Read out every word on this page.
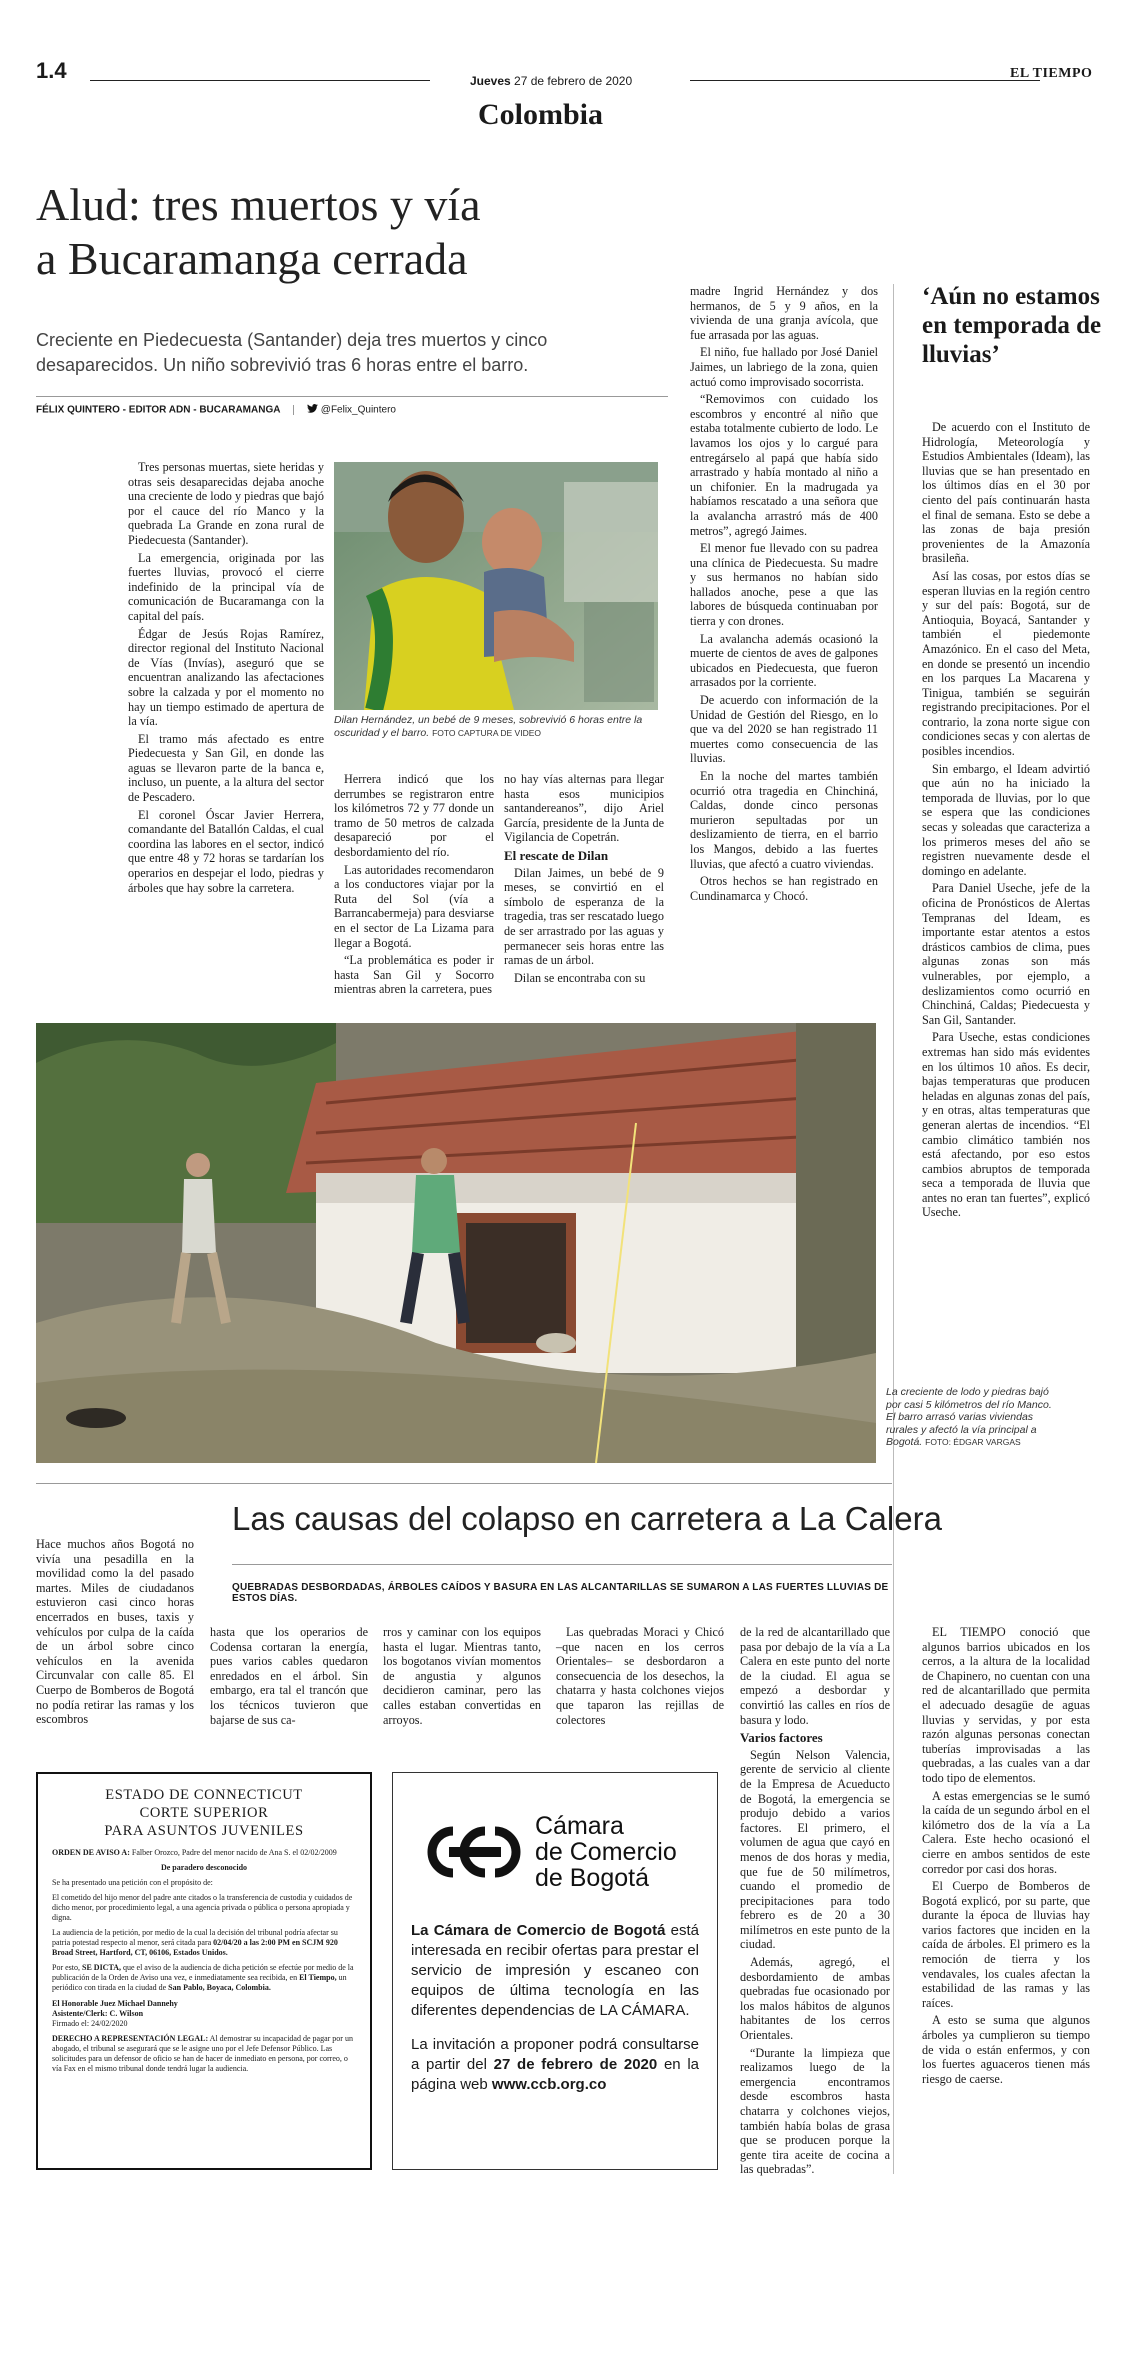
1.4	Jueves 27 de febrero de 2020	EL TIEMPO
Colombia
Alud: tres muertos y vía
a Bucaramanga cerrada
Creciente en Piedecuesta (Santander) deja tres muertos y cinco desaparecidos. Un niño sobrevivió tras 6 horas entre el barro.
FÉLIX QUINTERO - EDITOR ADN - BUCARAMANGA	@Felix_Quintero
Dilan Hernández, un bebé de 9 meses, sobrevivió 6 horas entre la oscuridad y el barro. FOTO CAPTURA DE VIDEO

Tres personas muertas, siete heridas y otras seis desaparecidas dejaba anoche una creciente de lodo y piedras que bajó por el cauce del río Manco y la quebrada La Grande en zona rural de Piedecuesta (Santander).

La emergencia, originada por las fuertes lluvias, provocó el cierre indefinido de la principal vía de comunicación de Bucaramanga con la capital del país.

Édgar de Jesús Rojas Ramírez, director regional del Instituto Nacional de Vías (Invías), aseguró que se encuentran analizando las afectaciones sobre la calzada y por el momento no hay un tiempo estimado de apertura de la vía.

El tramo más afectado es entre Piedecuesta y San Gil, en donde las aguas se llevaron parte de la banca e, incluso, un puente, a la altura del sector de Pescadero.

El coronel Óscar Javier Herrera, comandante del Batallón Caldas, el cual coordina las labores en el sector, indicó que entre 48 y 72 horas se tardarían los operarios en despejar el lodo, piedras y árboles que hay sobre la carretera.

Herrera indicó que los derrumbes se registraron entre los kilómetros 72 y 77 donde un tramo de 50 metros de calzada desapareció por el desbordamiento del río.

Las autoridades recomendaron a los conductores viajar por la Ruta del Sol (vía a Barrancabermeja) para desviarse en el sector de La Lizama para llegar a Bogotá.

“La problemática es poder ir hasta San Gil y Socorro mientras abren la carretera, pues

no hay vías alternas para llegar hasta esos municipios santandereanos”, dijo Ariel García, presidente de la Junta de Vigilancia de Copetrán.

El rescate de Dilan

Dilan Jaimes, un bebé de 9 meses, se convirtió en el símbolo de esperanza de la tragedia, tras ser rescatado luego de ser arrastrado por las aguas y permanecer seis horas entre las ramas de un árbol.

Dilan se encontraba con su

madre Ingrid Hernández y dos hermanos, de 5 y 9 años, en la vivienda de una granja avícola, que fue arrasada por las aguas.

El niño, fue hallado por José Daniel Jaimes, un labriego de la zona, quien actuó como improvisado socorrista.

“Removimos con cuidado los escombros y encontré al niño que estaba totalmente cubierto de lodo. Le lavamos los ojos y lo cargué para entregárselo al papá que había sido arrastrado y había montado al niño a un chifonier. En la madrugada ya habíamos rescatado a una señora que la avalancha arrastró más de 400 metros”, agregó Jaimes.

El menor fue llevado con su padrea una clínica de Piedecuesta. Su madre y sus hermanos no habían sido hallados anoche, pese a que las labores de búsqueda continuaban por tierra y con drones.

La avalancha además ocasionó la muerte de cientos de aves de galpones ubicados en Piedecuesta, que fueron arrasados por la corriente.

De acuerdo con información de la Unidad de Gestión del Riesgo, en lo que va del 2020 se han registrado 11 muertes como consecuencia de las lluvias.

En la noche del martes también ocurrió otra tragedia en Chinchiná, Caldas, donde cinco personas murieron sepultadas por un deslizamiento de tierra, en el barrio los Mangos, debido a las fuertes lluvias, que afectó a cuatro viviendas.

Otros hechos se han registrado en Cundinamarca y Chocó.

‘Aún no estamos en temporada de lluvias’

De acuerdo con el Instituto de Hidrología, Meteorología y Estudios Ambientales (Ideam), las lluvias que se han presentado en los últimos días en el 30 por ciento del país continuarán hasta el final de semana. Esto se debe a las zonas de baja presión provenientes de la Amazonía brasileña.

Así las cosas, por estos días se esperan lluvias en la región centro y sur del país: Bogotá, sur de Antioquia, Boyacá, Santander y también el piedemonte Amazónico. En el caso del Meta, en donde se presentó un incendio en los parques La Macarena y Tinigua, también se seguirán registrando precipitaciones. Por el contrario, la zona norte sigue con condiciones secas y con alertas de posibles incendios.

Sin embargo, el Ideam advirtió que aún no ha iniciado la temporada de lluvias, por lo que se espera que las condiciones secas y soleadas que caracteriza a los primeros meses del año se registren nuevamente desde el domingo en adelante.

Para Daniel Useche, jefe de la oficina de Pronósticos de Alertas Tempranas del Ideam, es importante estar atentos a estos drásticos cambios de clima, pues algunas zonas son más vulnerables, por ejemplo, a deslizamientos como ocurrió en Chinchiná, Caldas; Piedecuesta y San Gil, Santander.

Para Useche, estas condiciones extremas han sido más evidentes en los últimos 10 años. Es decir, bajas temperaturas que producen heladas en algunas zonas del país, y en otras, altas temperaturas que generan alertas de incendios. “El cambio climático también nos está afectando, por eso estos cambios abruptos de temporada seca a temporada de lluvia que antes no eran tan fuertes”, explicó Useche.

La creciente de lodo y piedras bajó por casi 5 kilómetros del río Manco. El barro arrasó varias viviendas rurales y afectó la vía principal a Bogotá. FOTO: ÉDGAR VARGAS

Hace muchos años Bogotá no vivía una pesadilla en la movilidad como la del pasado martes. Miles de ciudadanos estuvieron casi cinco horas encerrados en buses, taxis y vehículos por culpa de la caída de un árbol sobre cinco vehículos en la avenida Circunvalar con calle 85. El Cuerpo de Bomberos de Bogotá no podía retirar las ramas y los escombros

Las causas del colapso en carretera a La Calera
QUEBRADAS DESBORDADAS, ÁRBOLES CAÍDOS Y BASURA EN LAS ALCANTARILLAS SE SUMARON A LAS FUERTES LLUVIAS DE ESTOS DÍAS.

hasta que los operarios de Codensa cortaran la energía, pues varios cables quedaron enredados en el árbol. Sin embargo, era tal el trancón que los técnicos tuvieron que bajarse de sus ca-

rros y caminar con los equipos hasta el lugar. Mientras tanto, los bogotanos vivían momentos de angustia y algunos decidieron caminar, pero las calles estaban convertidas en arroyos.

Las quebradas Moraci y Chicó –que nacen en los cerros Orientales– se desbordaron a consecuencia de los desechos, la chatarra y hasta colchones viejos que taparon las rejillas de colectores

de la red de alcantarillado que pasa por debajo de la vía a La Calera en este punto del norte de la ciudad. El agua se empezó a desbordar y convirtió las calles en ríos de basura y lodo.

Varios factores

Según Nelson Valencia, gerente de servicio al cliente de la Empresa de Acueducto de Bogotá, la emergencia se produjo debido a varios factores. El primero, el volumen de agua que cayó en menos de dos horas y media, que fue de 50 milímetros, cuando el promedio de precipitaciones para todo febrero es de 20 a 30 milímetros en este punto de la ciudad.

Además, agregó, el desbordamiento de ambas quebradas fue ocasionado por los malos hábitos de algunos habitantes de los cerros Orientales.

“Durante la limpieza que realizamos luego de la emergencia encontramos desde escombros hasta chatarra y colchones viejos, también había bolas de grasa que se producen porque la gente tira aceite de cocina a las quebradas”.

EL TIEMPO conoció que algunos barrios ubicados en los cerros, a la altura de la localidad de Chapinero, no cuentan con una red de alcantarillado que permita el adecuado desagüe de aguas lluvias y servidas, y por esta razón algunas personas conectan tuberías improvisadas a las quebradas, a las cuales van a dar todo tipo de elementos.

A estas emergencias se le sumó la caída de un segundo árbol en el kilómetro dos de la vía a La Calera. Este hecho ocasionó el cierre en ambos sentidos de este corredor por casi dos horas.

El Cuerpo de Bomberos de Bogotá explicó, por su parte, que durante la época de lluvias hay varios factores que inciden en la caída de árboles. El primero es la remoción de tierra y los vendavales, los cuales afectan la estabilidad de las ramas y las raíces.

A esto se suma que algunos árboles ya cumplieron su tiempo de vida o están enfermos, y con los fuertes aguaceros tienen más riesgo de caerse.

ESTADO DE CONNECTICUT
CORTE SUPERIOR
PARA ASUNTOS JUVENILES

ORDEN DE AVISO A: Falber Orozco, Padre del menor nacido de Ana S. el 02/02/2009

De paradero desconocido

Se ha presentado una petición con el propósito de:

El cometido del hijo menor del padre ante citados o la transferencia de custodia y cuidados de dicho menor, por procedimiento legal, a una agencia privada o pública o persona apropiada y digna.

La audiencia de la petición, por medio de la cual la decisión del tribunal podría afectar su patria potestad respecto al menor, será citada para 02/04/20 a las 2:00 PM en SCJM 920 Broad Street, Hartford, CT, 06106, Estados Unidos.

Por esto, SE DICTA, que el aviso de la audiencia de dicha petición se efectúe por medio de la publicación de la Orden de Aviso una vez, e inmediatamente sea recibida, en El Tiempo, un periódico con tirada en la ciudad de San Pablo, Boyaca, Colombia.

El Honorable Juez Michael Dannehy
Asistente/Clerk: C. Wilson
Firmado el: 24/02/2020

DERECHO A REPRESENTACIÓN LEGAL: Al demostrar su incapacidad de pagar por un abogado, el tribunal se asegurará que se le asigne uno por el Jefe Defensor Público. Las solicitudes para un defensor de oficio se han de hacer de inmediato en persona, por correo, o vía Fax en el mismo tribunal donde tendrá lugar la audiencia.

Cámara
de Comercio
de Bogotá
La Cámara de Comercio de Bogotá está interesada en recibir ofertas para prestar el servicio de impresión y escaneo con equipos de última tecnología en las diferentes dependencias de LA CÁMARA.
La invitación a proponer podrá consultarse a partir del 27 de febrero de 2020 en la página web www.ccb.org.co
